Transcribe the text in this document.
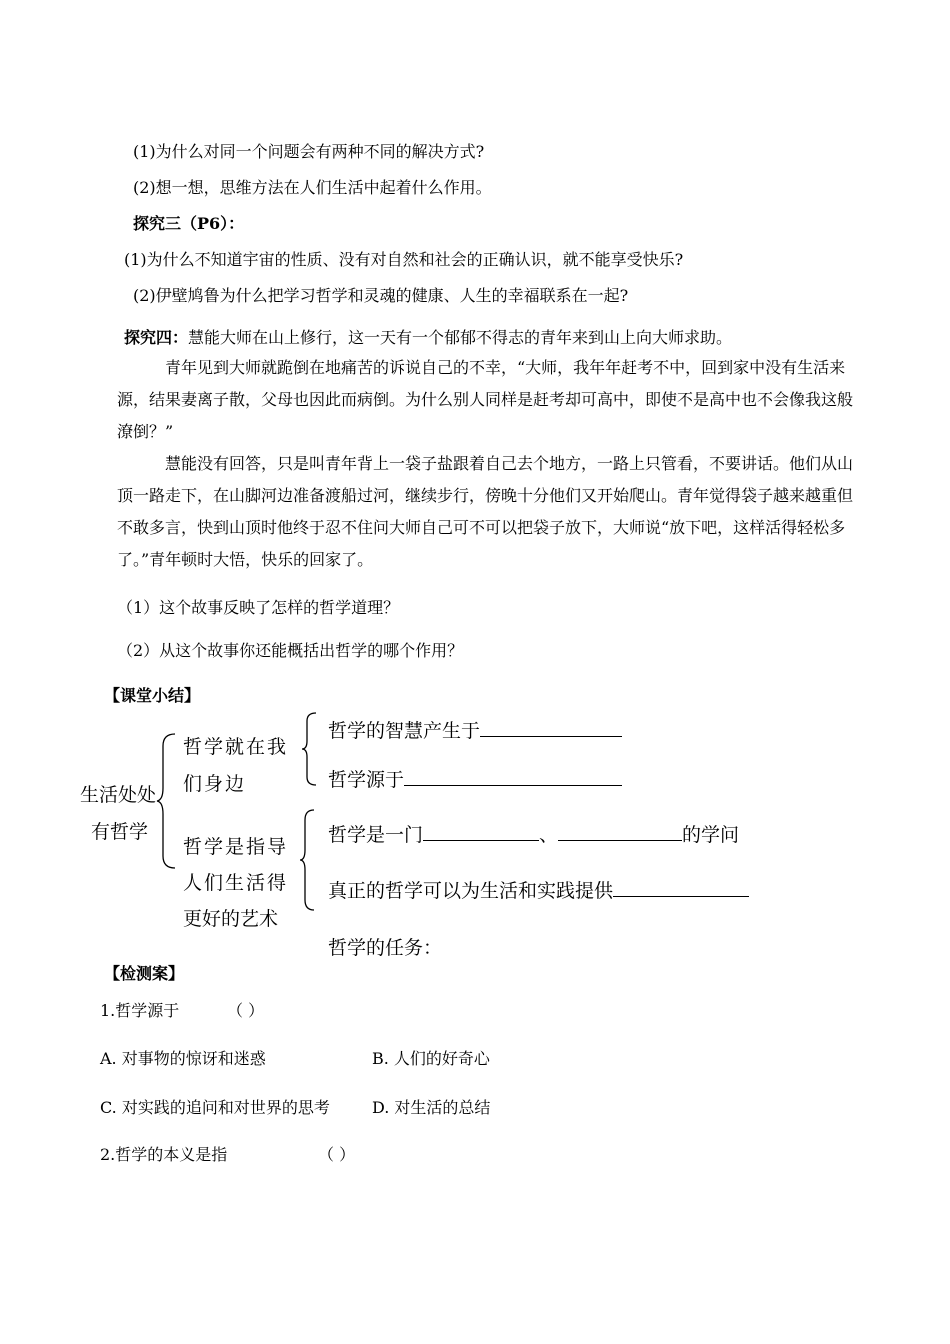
(1)为什么对同一个问题会有两种不同的解决方式?
(2)想一想，思维方法在人们生活中起着什么作用。
探究三（P6）：
(1)为什么不知道宇宙的性质、没有对自然和社会的正确认识，就不能享受快乐?
(2)伊壁鸠鲁为什么把学习哲学和灵魂的健康、人生的幸福联系在一起?
探究四：慧能大师在山上修行，这一天有一个郁郁不得志的青年来到山上向大师求助。
青年见到大师就跪倒在地痛苦的诉说自己的不幸，“大师，我年年赶考不中，回到家中没有生活来源，结果妻离子散，父母也因此而病倒。为什么别人同样是赶考却可高中，即使不是高中也不会像我这般潦倒？”
慧能没有回答，只是叫青年背上一袋子盐跟着自己去个地方，一路上只管看，不要讲话。他们从山顶一路走下，在山脚河边准备渡船过河，继续步行，傍晚十分他们又开始爬山。青年觉得袋子越来越重但不敢多言，快到山顶时他终于忍不住问大师自己可不可以把袋子放下，大师说“放下吧，这样活得轻松多了。”青年顿时大悟，快乐的回家了。
（1）这个故事反映了怎样的哲学道理？
（2）从这个故事你还能概括出哲学的哪个作用？
【课堂小结】
生活处处
有哲学
哲学就在我
们身边
哲学的智慧产生于
哲学源于
哲学是指导
人们生活得
更好的艺术
哲学是一门	、	的学问
真正的哲学可以为生活和实践提供
哲学的任务：
【检测案】
1.哲学源于	（ ）
A. 对事物的惊讶和迷惑	B. 人们的好奇心
C. 对实践的追问和对世界的思考	D. 对生活的总结
2.哲学的本义是指	（ ）
